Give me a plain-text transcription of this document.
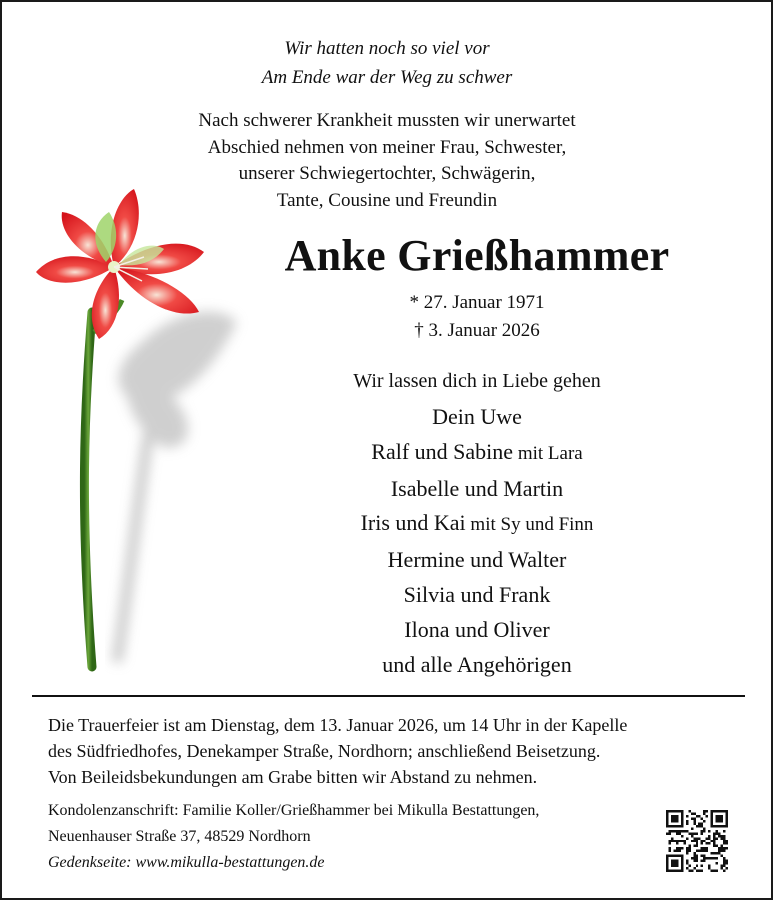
Wir hatten noch so viel vor
Am Ende war der Weg zu schwer
Nach schwerer Krankheit mussten wir unerwartet
Abschied nehmen von meiner Frau, Schwester,
unserer Schwiegertochter, Schwägerin,
Tante, Cousine und Freundin
Anke Grießhammer
* 27. Januar 1971
† 3. Januar 2026
Wir lassen dich in Liebe gehen
Dein Uwe
Ralf und Sabine mit Lara
Isabelle und Martin
Iris und Kai mit Sy und Finn
Hermine und Walter
Silvia und Frank
Ilona und Oliver
und alle Angehörigen
Die Trauerfeier ist am Dienstag, dem 13. Januar 2026, um 14 Uhr in der Kapelle
des Südfriedhofes, Denekamper Straße, Nordhorn; anschließend Beisetzung.
Von Beileidsbekundungen am Grabe bitten wir Abstand zu nehmen.
Kondolenzanschrift: Familie Koller/Grießhammer bei Mikulla Bestattungen,
Neuenhauser Straße 37, 48529 Nordhorn
Gedenkseite: www.mikulla-bestattungen.de
